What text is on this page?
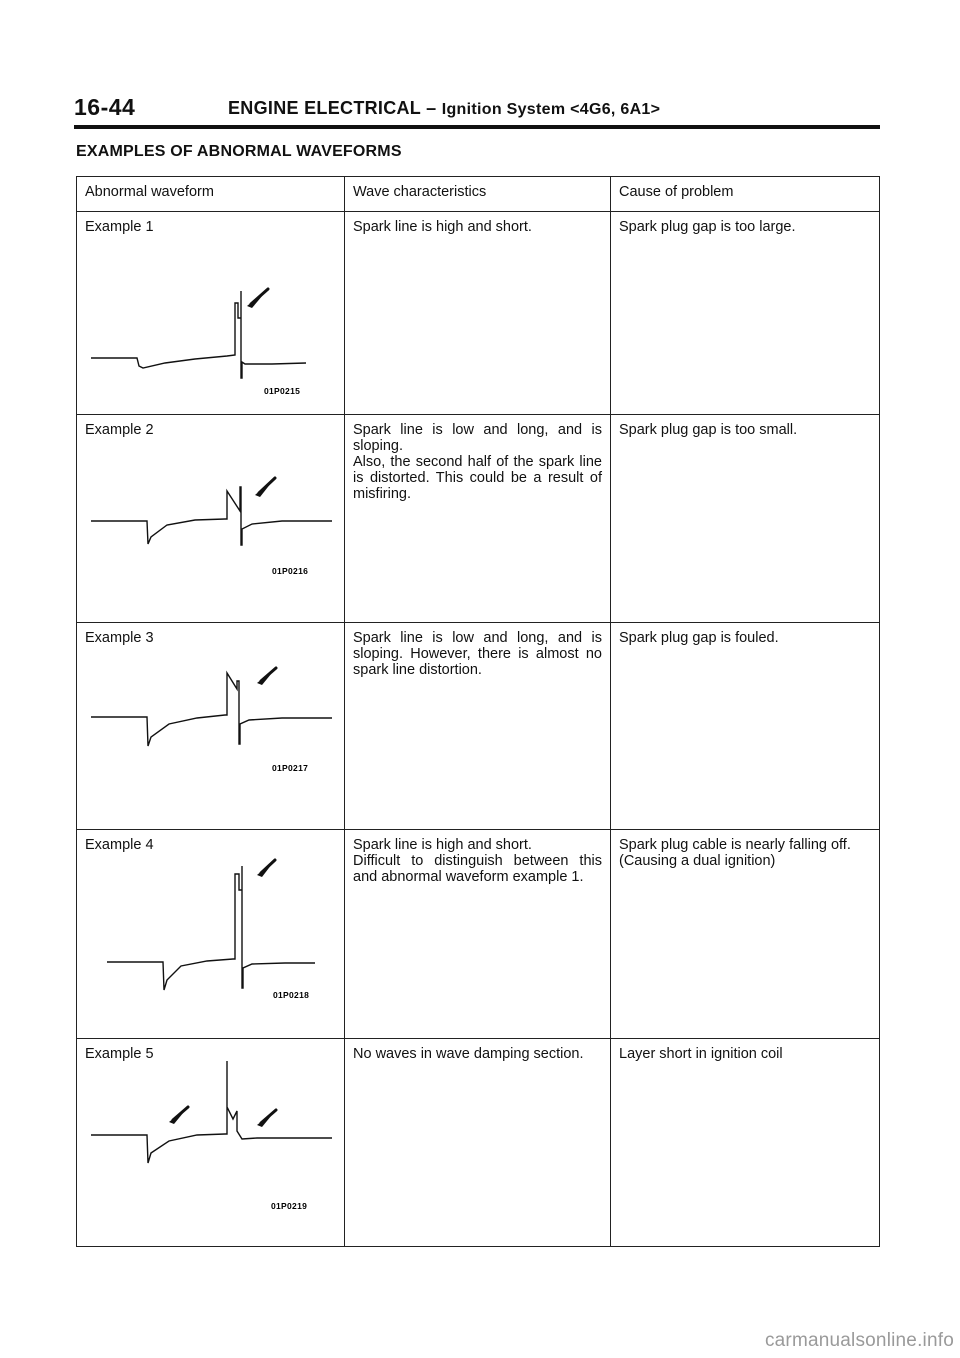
16-44	ENGINE ELECTRICAL – Ignition System <4G6, 6A1>
EXAMPLES OF ABNORMAL WAVEFORMS
Abnormal waveform	Wave characteristics	Cause of problem

Example 1
01P0215	Spark line is high and short.	Spark plug gap is too large.

Example 2
01P0216	Spark line is low and long, and is sloping.
Also, the second half of the spark line is distorted. This could be a result of misfiring.	Spark plug gap is too small.

Example 3
01P0217	Spark line is low and long, and is sloping. However, there is almost no spark line distortion.	Spark plug gap is fouled.

Example 4
01P0218	Spark line is high and short.
Difficult to distinguish between this and abnormal waveform example 1.	Spark plug cable is nearly falling off.
(Causing a dual ignition)

Example 5
01P0219	No waves in wave damping section.	Layer short in ignition coil
carmanualsonline.info
